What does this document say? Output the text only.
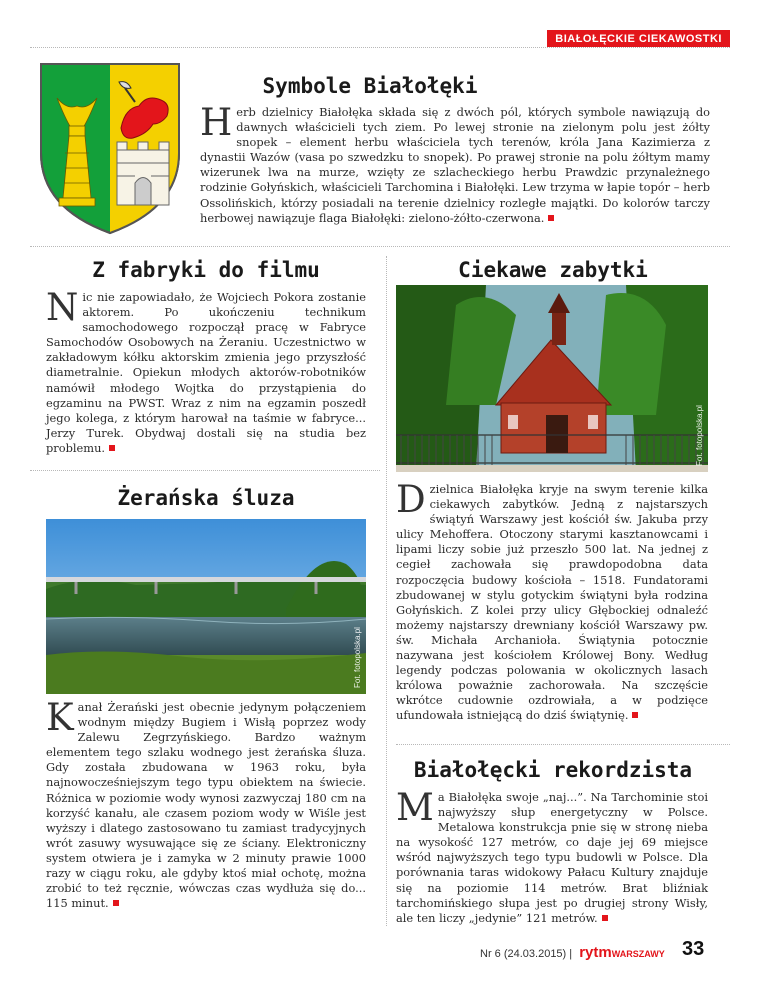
BIAŁOŁĘCKIE CIEKAWOSTKI
Symbole Białołęki
Herb dzielnicy Białołęka składa się z dwóch pól, których symbole nawiązują do dawnych właścicieli tych ziem. Po lewej stronie na zielonym polu jest żółty snopek – element herbu właściciela tych terenów, króla Jana Kazimierza z dynastii Wazów (vasa po szwedzku to snopek). Po prawej stronie na polu żółtym mamy wizerunek lwa na murze, wzięty ze szlacheckiego herbu Prawdzic przynależnego rodzinie Gołyńskich, właścicieli Tarchomina i Białołęki. Lew trzyma w łapie topór – herb Ossolińskich, którzy posiadali na terenie dzielnicy rozległe majątki. Do kolorów tarczy herbowej nawiązuje flaga Białołęki: zielono-żółto-czerwona.
Z fabryki do filmu
Nic nie zapowiadało, że Wojciech Pokora zostanie aktorem. Po ukończeniu technikum samochodowego rozpoczął pracę w Fabryce Samochodów Osobowych na Żeraniu. Uczestnictwo w zakładowym kółku aktorskim zmienia jego przyszłość diametralnie. Opiekun młodych aktorów-robotników namówił młodego Wojtka do przystąpienia do egzaminu na PWST. Wraz z nim na egzamin poszedł jego kolega, z którym harował na taśmie w fabryce... Jerzy Turek. Obydwaj dostali się na studia bez problemu.
Żerańska śluza
Fot. fotopolska.pl
Kanał Żerański jest obecnie jedynym połączeniem wodnym między Bugiem i Wisłą poprzez wody Zalewu Zegrzyńskiego. Bardzo ważnym elementem tego szlaku wodnego jest żerańska śluza. Gdy została zbudowana w 1963 roku, była najnowocześniejszym tego typu obiektem na świecie. Różnica w poziomie wody wynosi zazwyczaj 180 cm na korzyść kanału, ale czasem poziom wody w Wiśle jest wyższy i dlatego zastosowano tu zamiast tradycyjnych wrót zasuwy wysuwające się ze ściany. Elektroniczny system otwiera je i zamyka w 2 minuty prawie 1000 razy w ciągu roku, ale gdyby ktoś miał ochotę, można zrobić to też ręcznie, wówczas czas wydłuża się do... 115 minut.
Ciekawe zabytki
Fot. fotopolska.pl
Dzielnica Białołęka kryje na swym terenie kilka ciekawych zabytków. Jedną z najstarszych świątyń Warszawy jest kościół św. Jakuba przy ulicy Mehoffera. Otoczony starymi kasztanowcami i lipami liczy sobie już przeszło 500 lat. Na jednej z cegieł zachowała się prawdopodobna data rozpoczęcia budowy kościoła – 1518. Fundatorami zbudowanej w stylu gotyckim świątyni była rodzina Gołyńskich. Z kolei przy ulicy Głębockiej odnaleźć możemy najstarszy drewniany kościół Warszawy pw. św. Michała Archanioła. Świątynia potocznie nazywana jest kościołem Królowej Bony. Według legendy podczas polowania w okolicznych lasach królowa poważnie zachorowała. Na szczęście wkrótce cudownie ozdrowiała, a w podzięce ufundowała istniejącą do dziś świątynię.
Białołęcki rekordzista
Ma Białołęka swoje „naj...”. Na Tarchominie stoi najwyższy słup energetyczny w Polsce. Metalowa konstrukcja pnie się w stronę nieba na wysokość 127 metrów, co daje jej 69 miejsce wśród najwyższych tego typu budowli w Polsce. Dla porównania taras widokowy Pałacu Kultury znajduje się na poziomie 114 metrów. Brat bliźniak tarchomińskiego słupa jest po drugiej strony Wisły, ale ten liczy „jedynie” 121 metrów.
Nr 6 (24.03.2015) | rytmWARSZAWY 33
